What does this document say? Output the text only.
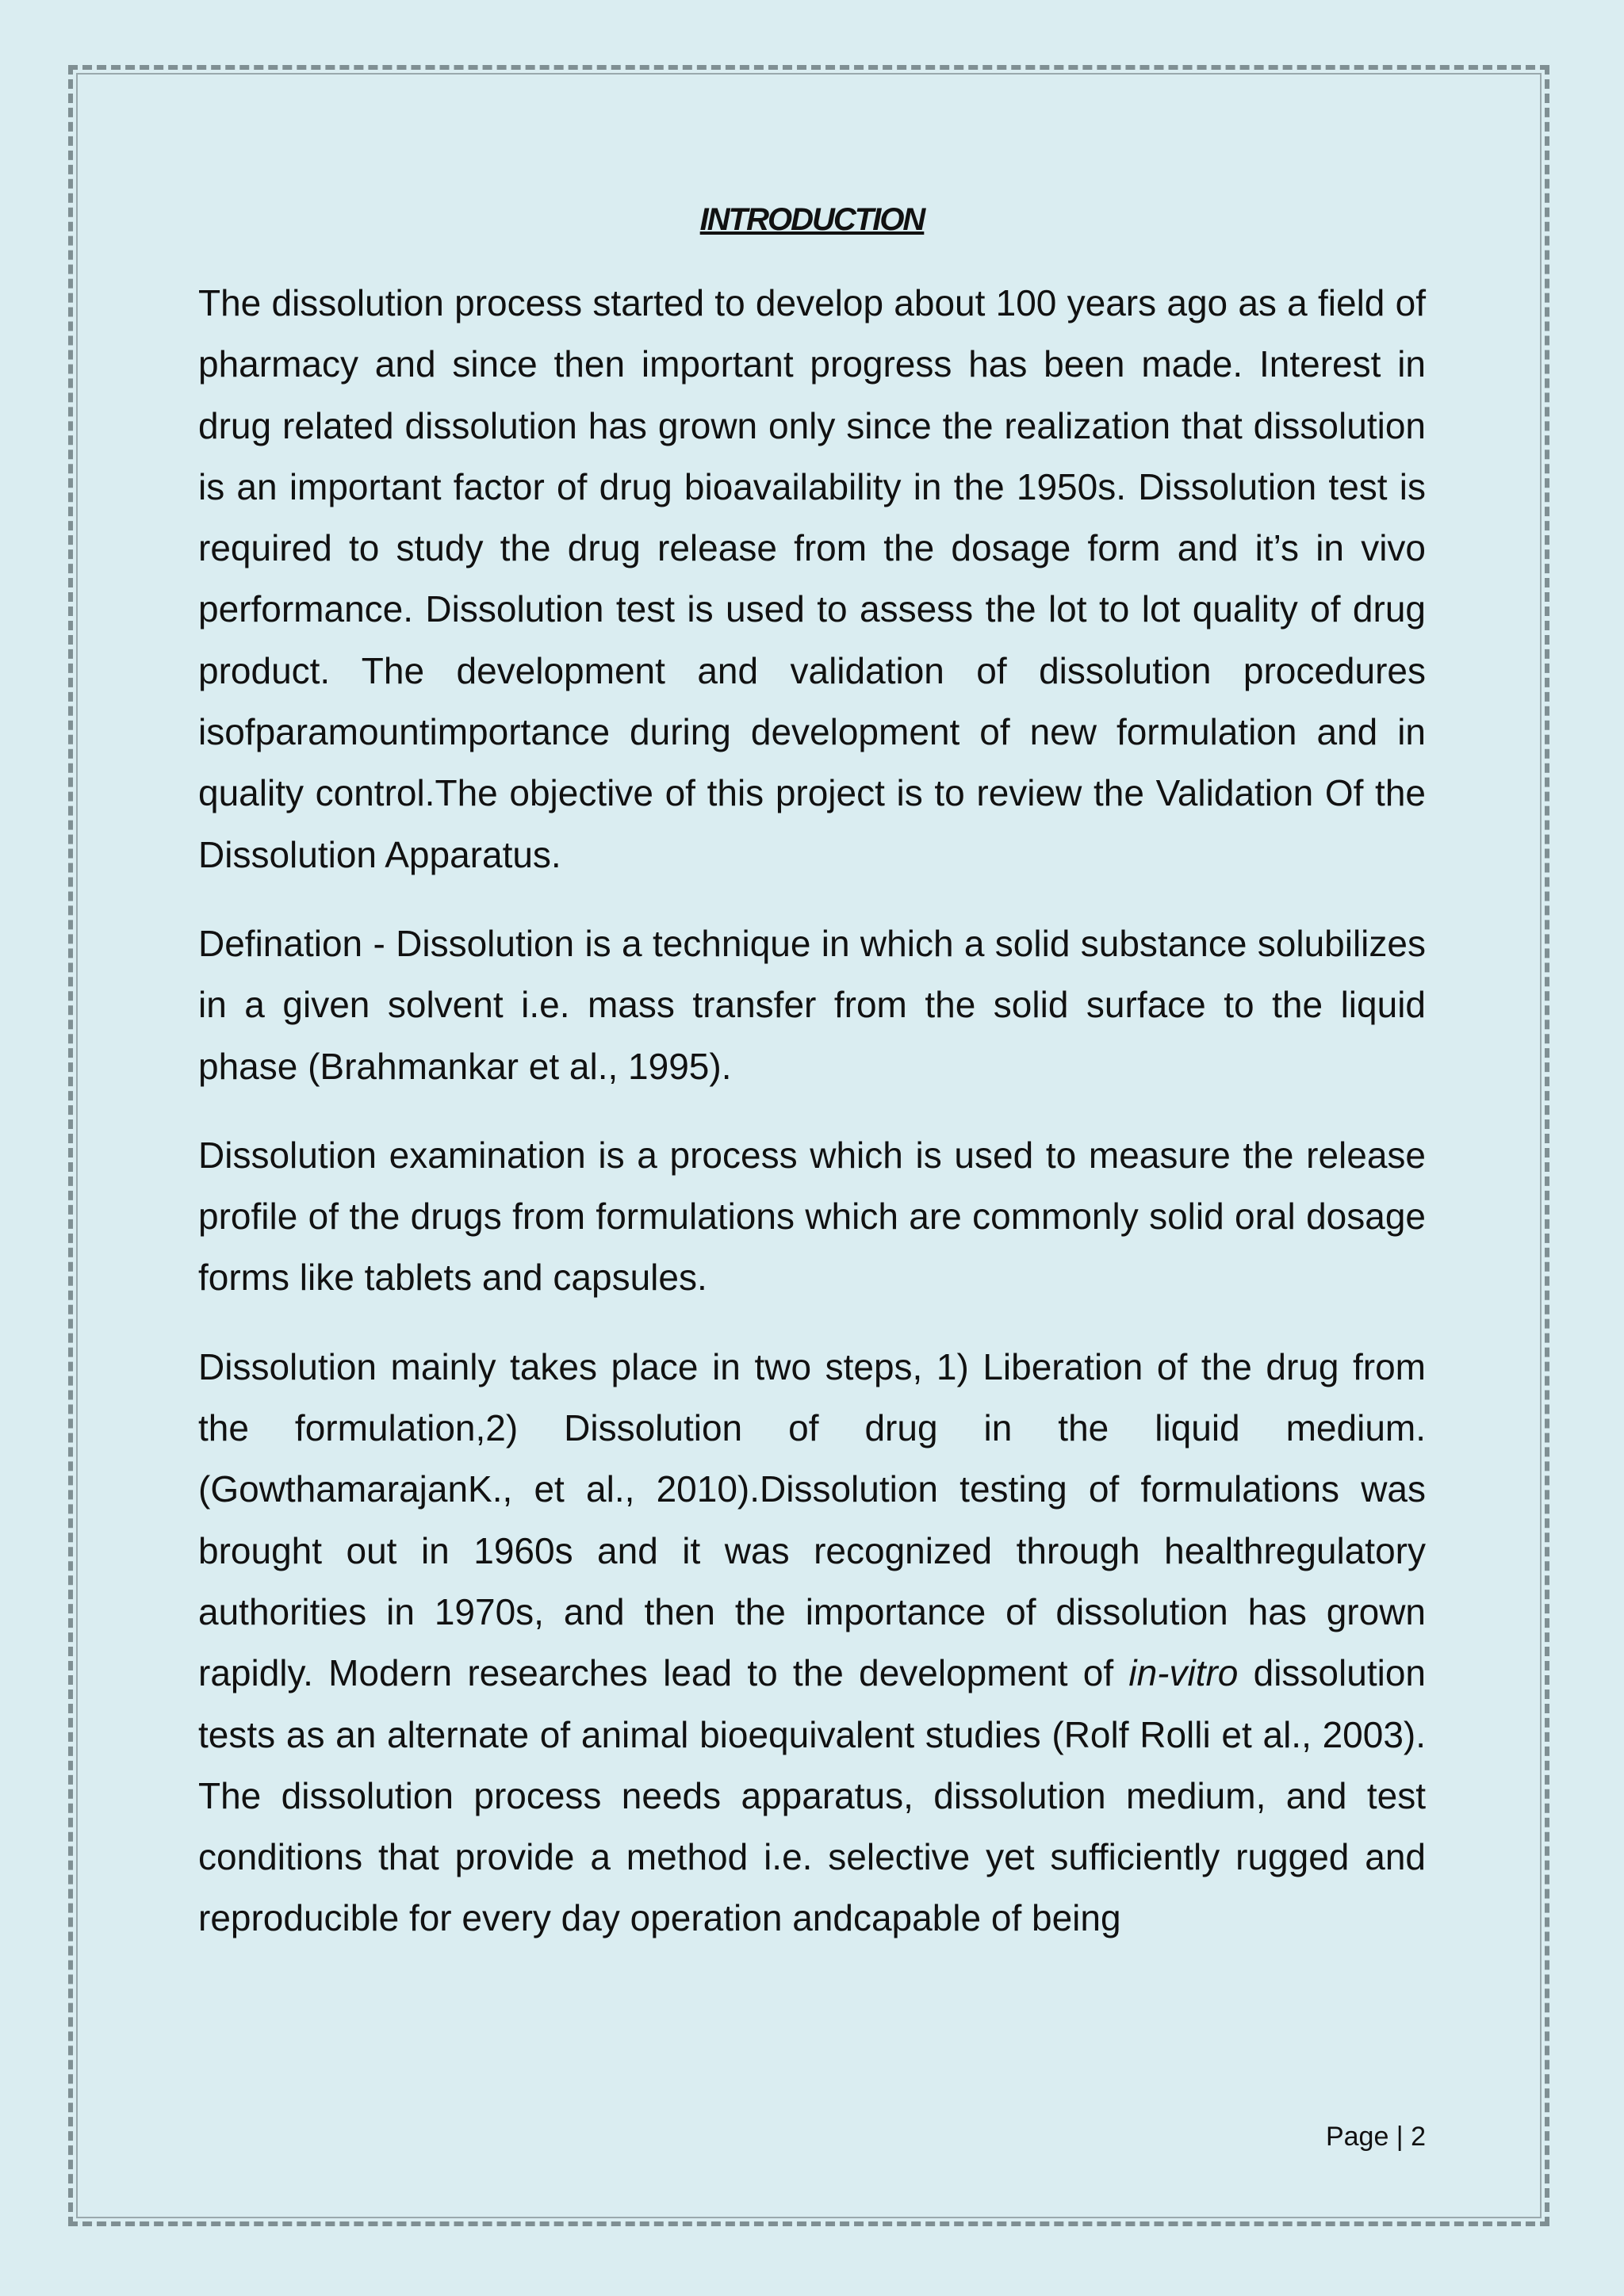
INTRODUCTION

The dissolution process started to develop about 100 years ago as a field of pharmacy and since then important progress has been made. Interest in drug related dissolution has grown only since the realization that dissolution is an important factor of drug bioavailability in the 1950s. Dissolution test is required to study the drug release from the dosage form and it’s in vivo performance. Dissolution test is used to assess the lot to lot quality of drug product. The development and validation of dissolution procedures isofparamountimportance during development of new formulation and in quality control.The objective of this project is to review the Validation Of the Dissolution Apparatus.

Defination - Dissolution is a technique in which a solid substance solubilizes in a given solvent i.e. mass transfer from the solid surface to the liquid phase (Brahmankar et al., 1995).

Dissolution examination is a process which is used to measure the release profile of the drugs from formulations which are commonly solid oral dosage forms like tablets and capsules.

Dissolution mainly takes place in two steps, 1) Liberation of the drug from the formulation,2) Dissolution of drug in the liquid medium. (GowthamarajanK., et al., 2010).Dissolution testing of formulations was brought out in 1960s and it was recognized through healthregulatory authorities in 1970s, and then the importance of dissolution has grown rapidly. Modern researches lead to the development of in-vitro dissolution tests as an alternate of animal bioequivalent studies (Rolf Rolli et al., 2003). The dissolution process needs apparatus, dissolution medium, and test conditions that provide a method i.e. selective yet sufficiently rugged and reproducible for every day operation andcapable of being

Page | 2
